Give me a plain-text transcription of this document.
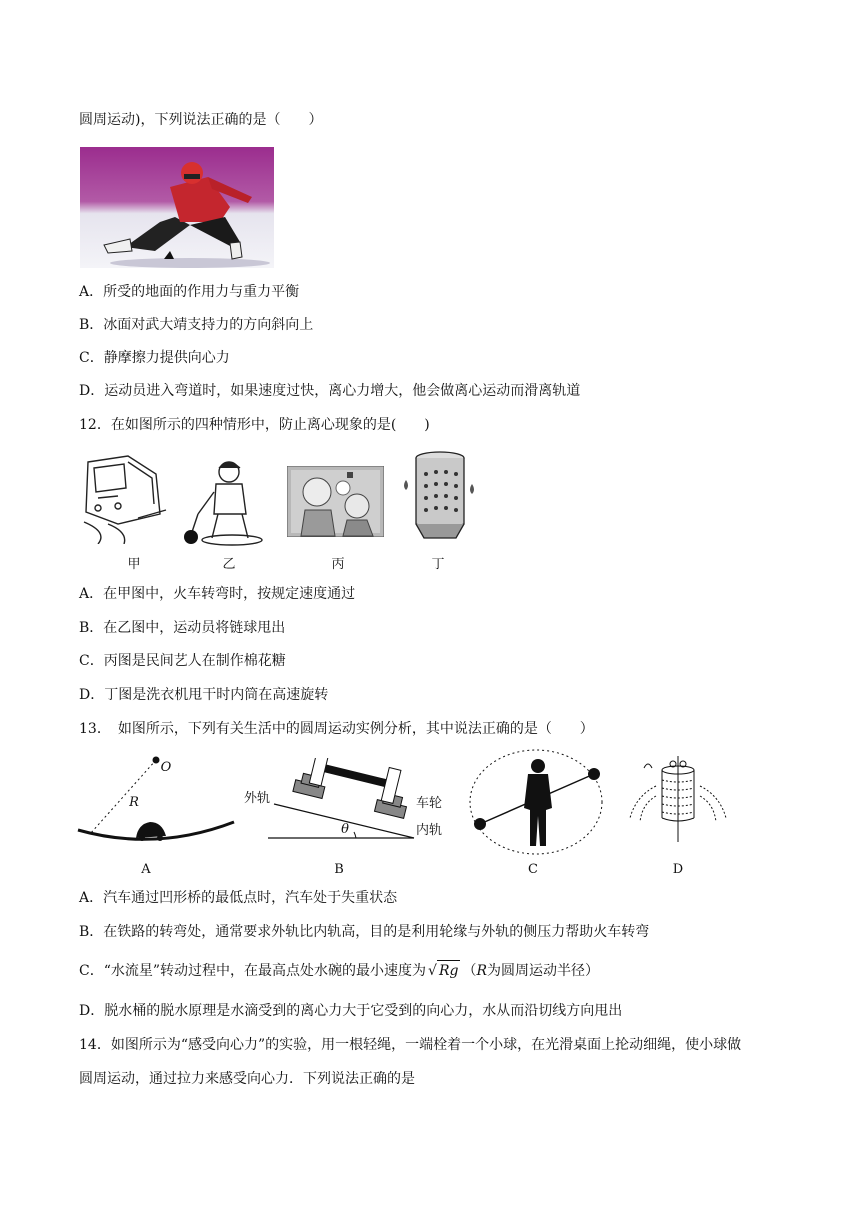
圆周运动)，下列说法正确的是（　　）
A．所受的地面的作用力与重力平衡
B．冰面对武大靖支持力的方向斜向上
C．静摩擦力提供向心力
D．运动员进入弯道时，如果速度过快，离心力增大，他会做离心运动而滑离轨道
12．在如图所示的四种情形中，防止离心现象的是(　　)
甲	乙	丙	丁
A．在甲图中，火车转弯时，按规定速度通过
B．在乙图中，运动员将链球甩出
C．丙图是民间艺人在制作棉花糖
D．丁图是洗衣机甩干时内筒在高速旋转
13．　如图所示，下列有关生活中的圆周运动实例分析，其中说法正确的是（　　）
O
R
A
外轨	车轮
内轨
θ
B	C	D
A．汽车通过凹形桥的最低点时，汽车处于失重状态
B．在铁路的转弯处，通常要求外轨比内轨高，目的是利用轮缘与外轨的侧压力帮助火车转弯
C．“水流星”转动过程中，在最高点处水碗的最小速度为 √ Rg （R为圆周运动半径）
D．脱水桶的脱水原理是水滴受到的离心力大于它受到的向心力，水从而沿切线方向甩出
14．如图所示为“感受向心力”的实验，用一根轻绳，一端栓着一个小球，在光滑桌面上抡动细绳，使小球做
圆周运动，通过拉力来感受向心力．下列说法正确的是
